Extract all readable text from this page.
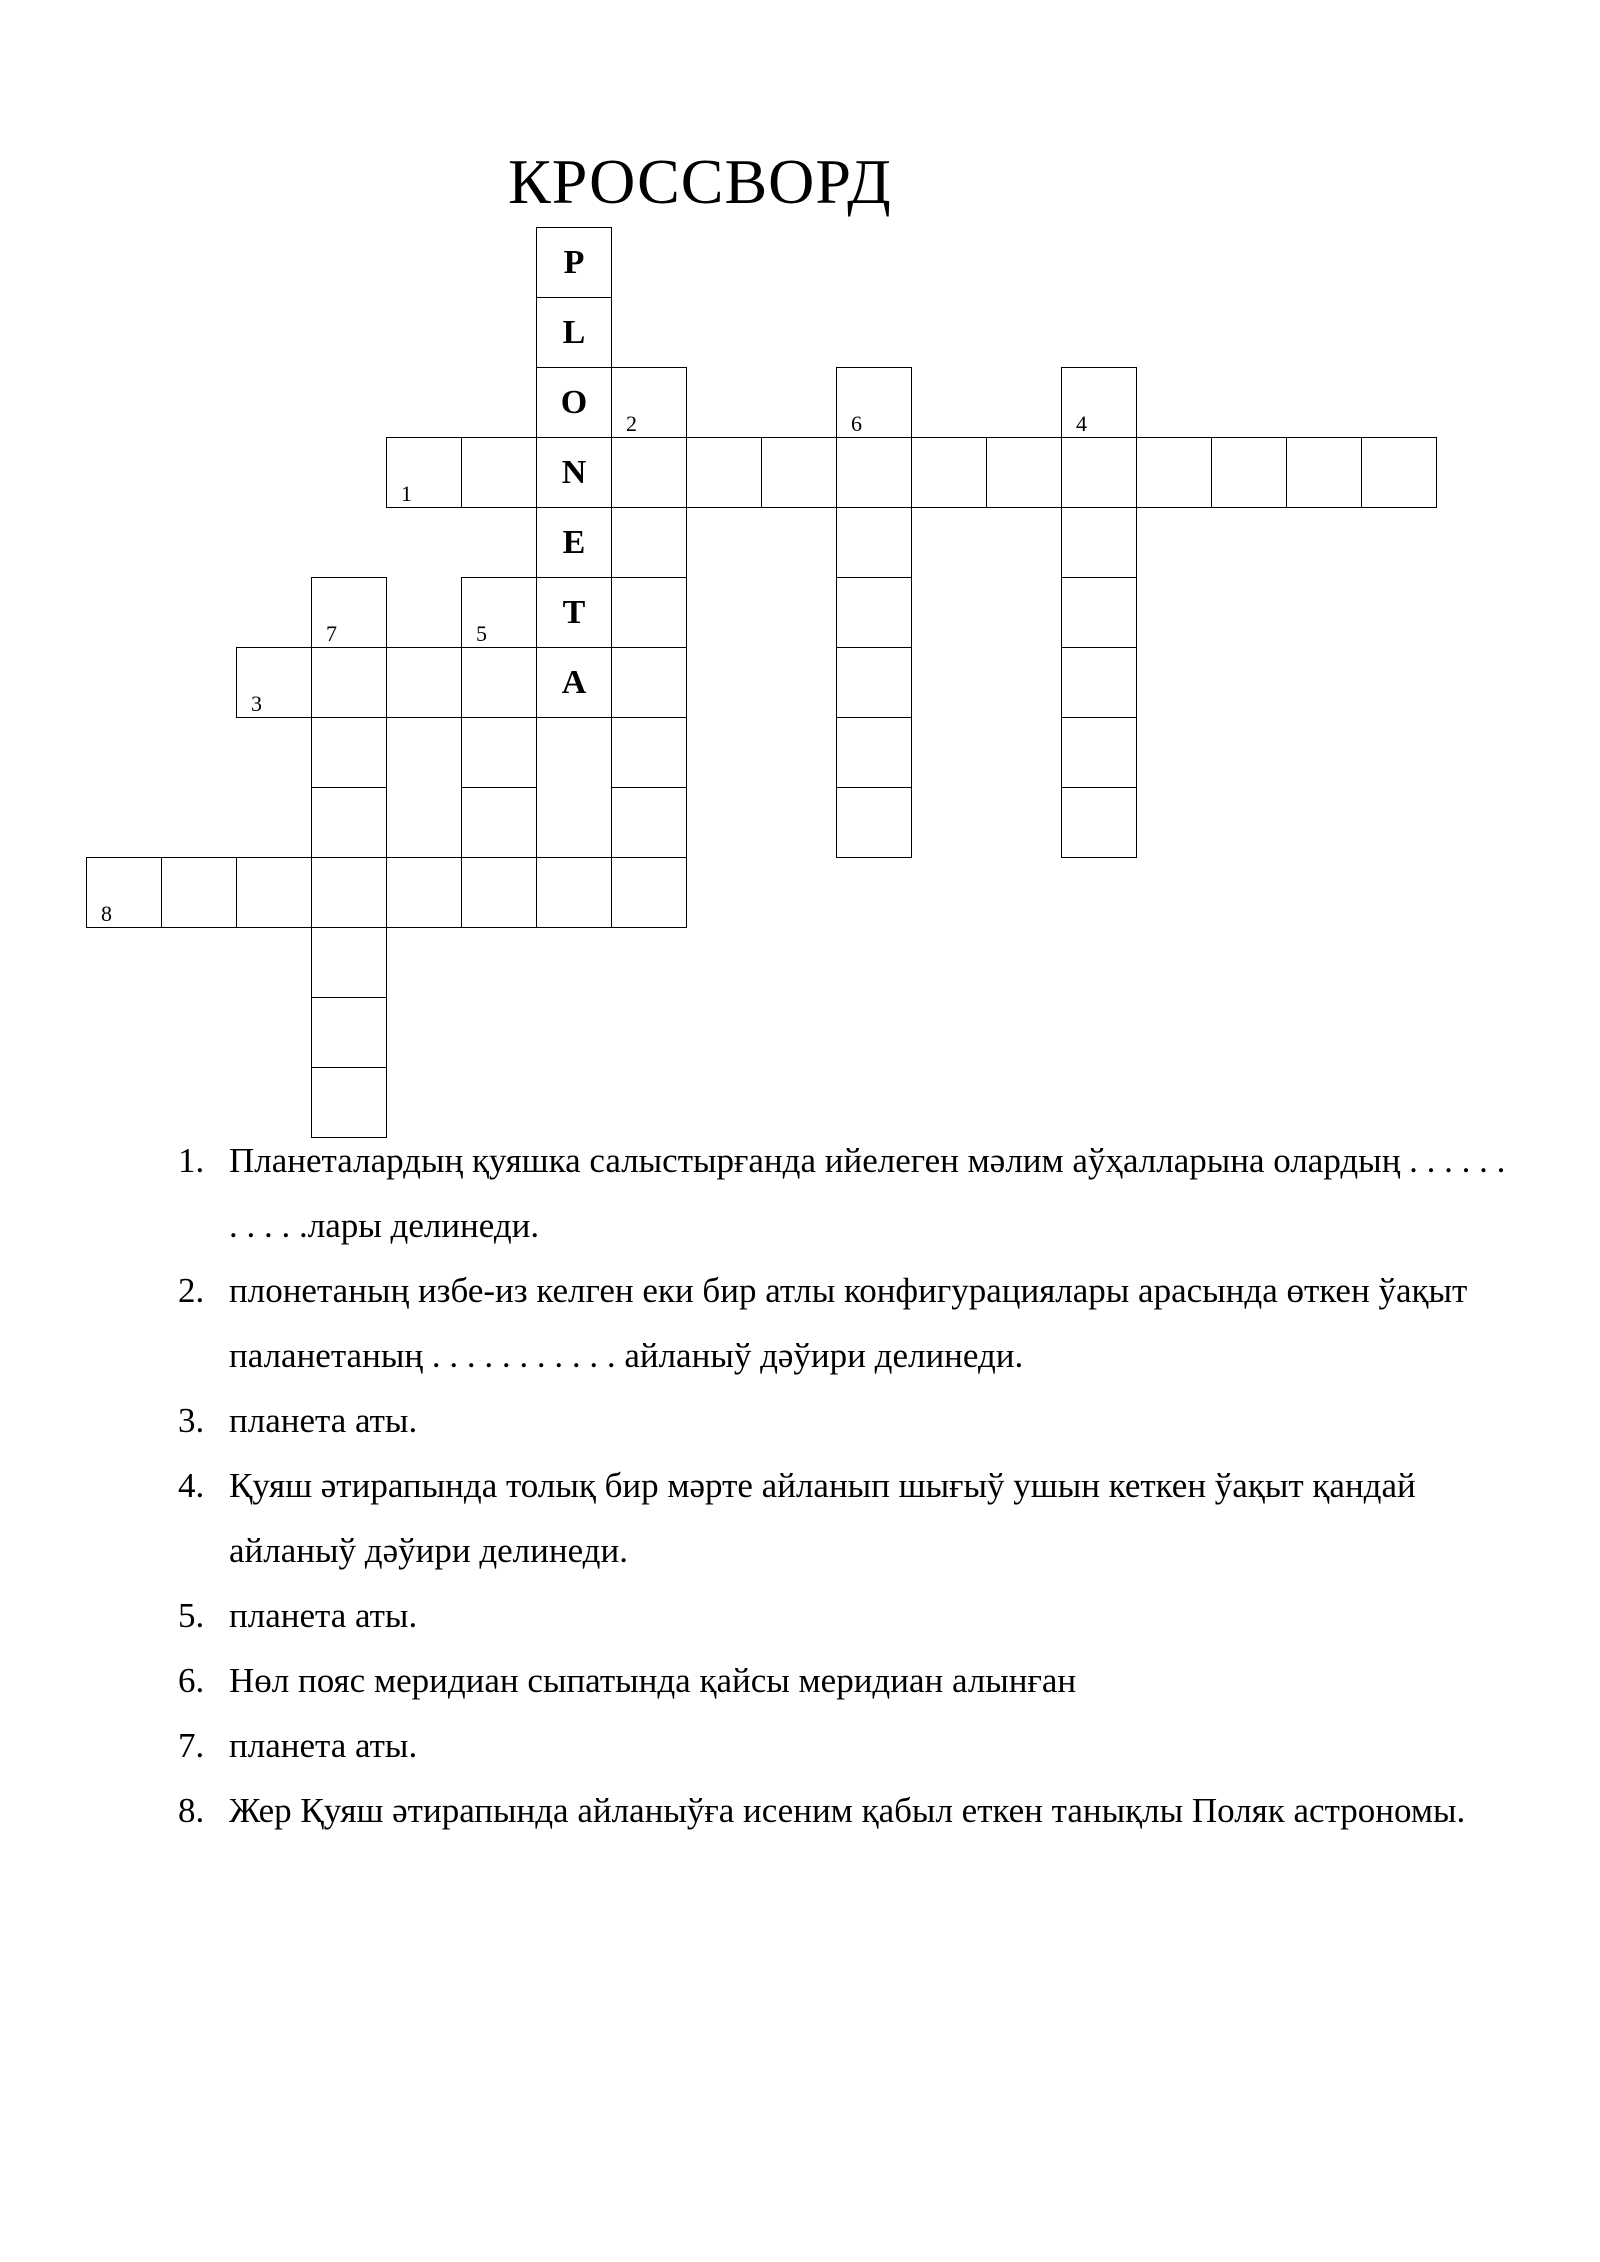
КРОССВОРД
P
L
O
N
E
T
A
1
2
3
4
5
6
7
8
1. Планеталардың қуяшка салыстырғанда ийелеген мəлим аўҳалларына олардың . . . . . . . . . . .лары делинеди.
2. плонетаның избе-из келген еки бир атлы конфигурациялары арасында өткен ўақыт паланетаның . . . . . . . . . . . айланыў дəўири делинеди.
3. планета аты.
4. Қуяш əтирапында толық бир мəрте айланып шығыў ушын кеткен ўақыт қандай айланыў дəўири делинеди.
5. планета аты.
6. Нөл пояс меридиан сыпатында қайсы меридиан алынған
7. планета аты.
8. Жер Қуяш əтирапында айланыўға исеним қабыл еткен танықлы Поляк астрономы.
